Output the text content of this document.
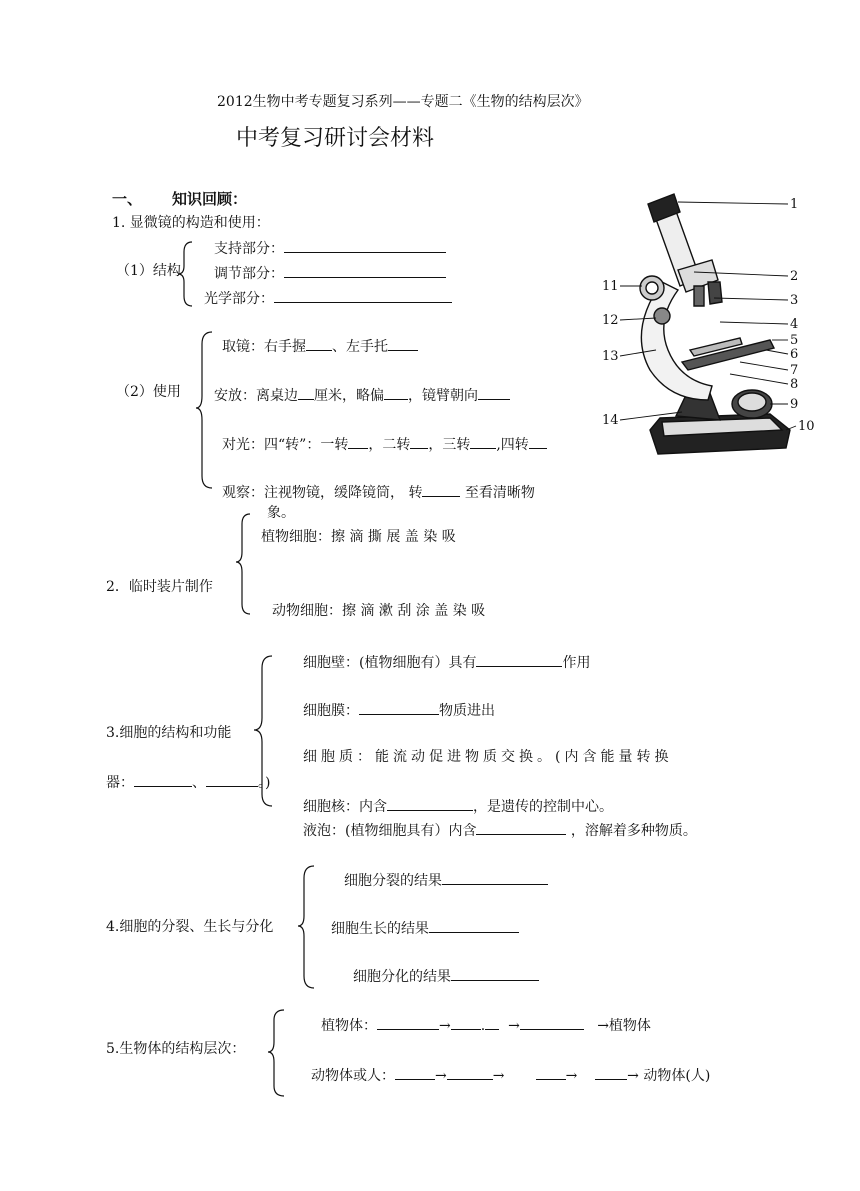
2012生物中考专题复习系列——专题二《生物的结构层次》
中考复习研讨会材料
一、 知识回顾：
1. 显微镜的构造和使用：
（1）结构
支持部分：
调节部分：
光学部分：
（2）使用
取镜：右手握 、左手托
安放：离桌边 厘米，略偏 ，镜臂朝向
对光：四“转”：一转 ，二转 ，三转 ,四转
观察：注视物镜，缓降镜筒， 转	至看清晰物
象。
2．临时装片制作
植物细胞：擦 滴 撕 展 盖 染 吸
动物细胞：擦 滴 漱 刮 涂 盖 染 吸
3.细胞的结构和功能
细胞壁：(植物细胞有）具有	作用
细胞膜：	物质进出
细胞质：能流动促进物质交换。(内含能量转换
器：	、	。)
细胞核：内含	，是遗传的控制中心。
液泡：(植物细胞具有）内含	，溶解着多种物质。
4.细胞的分裂、生长与分化
细胞分裂的结果
细胞生长的结果
细胞分化的结果
5.生物体的结构层次：
植物体：	→ . →	→植物体
动物体或人：	→	→	→	→ 动物体(人)
1
2
3
4
5
6
7
8
9
10
11
12
13
14
